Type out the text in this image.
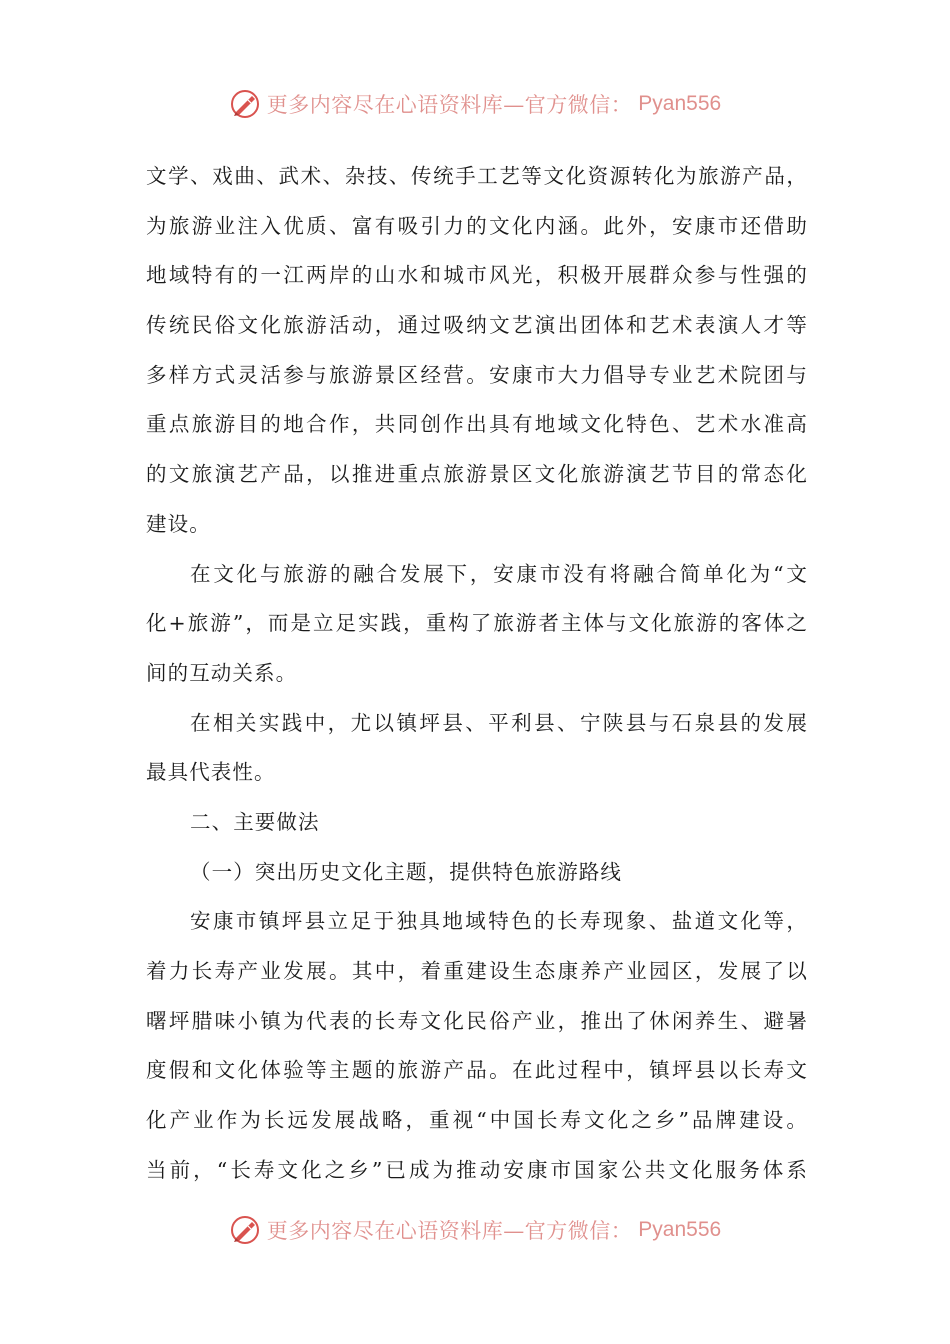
更多内容尽在心语资料库—官方微信： Pyan556
文学、戏曲、武术、杂技、传统手工艺等文化资源转化为旅游产品，
为旅游业注入优质、富有吸引力的文化内涵。此外，安康市还借助
地域特有的一江两岸的山水和城市风光，积极开展群众参与性强的
传统民俗文化旅游活动，通过吸纳文艺演出团体和艺术表演人才等
多样方式灵活参与旅游景区经营。安康市大力倡导专业艺术院团与
重点旅游目的地合作，共同创作出具有地域文化特色、艺术水准高
的文旅演艺产品，以推进重点旅游景区文化旅游演艺节目的常态化
建设。
在文化与旅游的融合发展下，安康市没有将融合简单化为“文
化+旅游”，而是立足实践，重构了旅游者主体与文化旅游的客体之
间的互动关系。
在相关实践中，尤以镇坪县、平利县、宁陕县与石泉县的发展
最具代表性。
二、主要做法
（一）突出历史文化主题，提供特色旅游路线
安康市镇坪县立足于独具地域特色的长寿现象、盐道文化等，
着力长寿产业发展。其中，着重建设生态康养产业园区，发展了以
曙坪腊味小镇为代表的长寿文化民俗产业，推出了休闲养生、避暑
度假和文化体验等主题的旅游产品。在此过程中，镇坪县以长寿文
化产业作为长远发展战略，重视“中国长寿文化之乡”品牌建设。
当前，“长寿文化之乡”已成为推动安康市国家公共文化服务体系
更多内容尽在心语资料库—官方微信： Pyan556
